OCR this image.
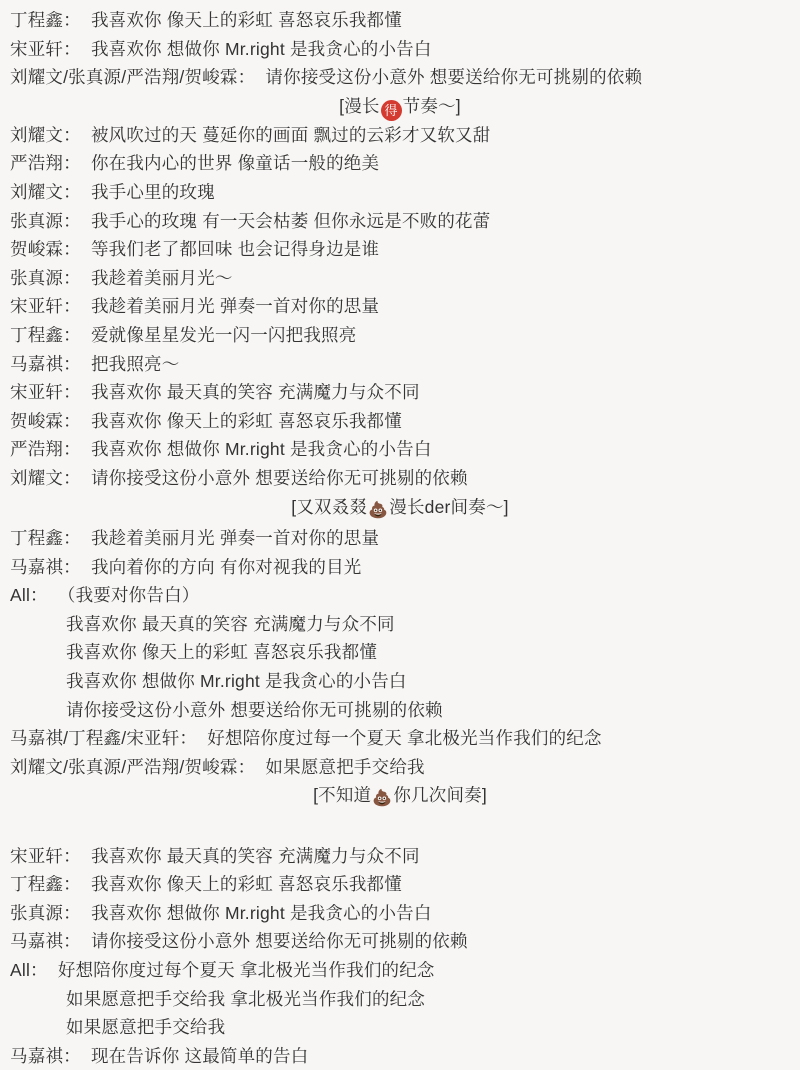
丁程鑫： 我喜欢你 像天上的彩虹 喜怒哀乐我都懂
宋亚轩： 我喜欢你 想做你 Mr.right 是我贪心的小告白
刘耀文/张真源/严浩翔/贺峻霖： 请你接受这份小意外 想要送给你无可挑剔的依赖
[漫长 得 节奏～]
刘耀文： 被风吹过的天 蔓延你的画面 飘过的云彩才又软又甜
严浩翔： 你在我内心的世界 像童话一般的绝美
刘耀文： 我手心里的玫瑰
张真源： 我手心的玫瑰 有一天会枯萎 但你永远是不败的花蕾
贺峻霖： 等我们老了都回味 也会记得身边是谁
张真源： 我趁着美丽月光～
宋亚轩： 我趁着美丽月光 弹奏一首对你的思量
丁程鑫： 爱就像星星发光一闪一闪把我照亮
马嘉祺： 把我照亮～
宋亚轩： 我喜欢你 最天真的笑容 充满魔力与众不同
贺峻霖： 我喜欢你 像天上的彩虹 喜怒哀乐我都懂
严浩翔： 我喜欢你 想做你 Mr.right 是我贪心的小告白
刘耀文： 请你接受这份小意外 想要送给你无可挑剔的依赖
[又双叒叕💩漫长der间奏～]
丁程鑫： 我趁着美丽月光 弹奏一首对你的思量
马嘉祺： 我向着你的方向 有你对视我的目光
All： （我要对你告白）
我喜欢你 最天真的笑容 充满魔力与众不同
我喜欢你 像天上的彩虹 喜怒哀乐我都懂
我喜欢你 想做你 Mr.right 是我贪心的小告白
请你接受这份小意外 想要送给你无可挑剔的依赖
马嘉祺/丁程鑫/宋亚轩： 好想陪你度过每一个夏天 拿北极光当作我们的纪念
刘耀文/张真源/严浩翔/贺峻霖： 如果愿意把手交给我
[不知道💩你几次间奏]

宋亚轩： 我喜欢你 最天真的笑容 充满魔力与众不同
丁程鑫： 我喜欢你 像天上的彩虹 喜怒哀乐我都懂
张真源： 我喜欢你 想做你 Mr.right 是我贪心的小告白
马嘉祺： 请你接受这份小意外 想要送给你无可挑剔的依赖
All： 好想陪你度过每个夏天 拿北极光当作我们的纪念
如果愿意把手交给我 拿北极光当作我们的纪念
如果愿意把手交给我
马嘉祺： 现在告诉你 这最简单的告白
